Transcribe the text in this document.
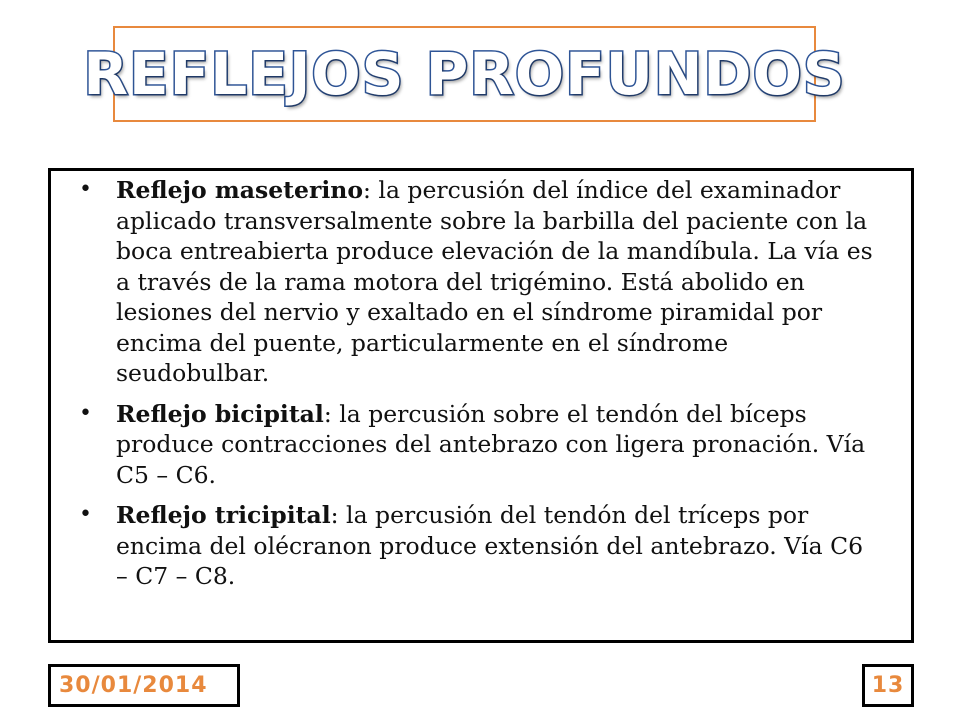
REFLEJOS PROFUNDOS
• Reflejo maseterino: la percusión del índice del examinador aplicado transversalmente sobre la barbilla del paciente con la boca entreabierta produce elevación de la mandíbula. La vía es a través de la rama motora del trigémino. Está abolido en lesiones del nervio y exaltado en el síndrome piramidal por encima del puente, particularmente en el síndrome seudobulbar.
• Reflejo bicipital: la percusión sobre el tendón del bíceps produce contracciones del antebrazo con ligera pronación. Vía C5 – C6.
• Reflejo tricipital: la percusión del tendón del tríceps por encima del olécranon produce extensión del antebrazo. Vía C6 – C7 – C8.
30/01/2014	13
